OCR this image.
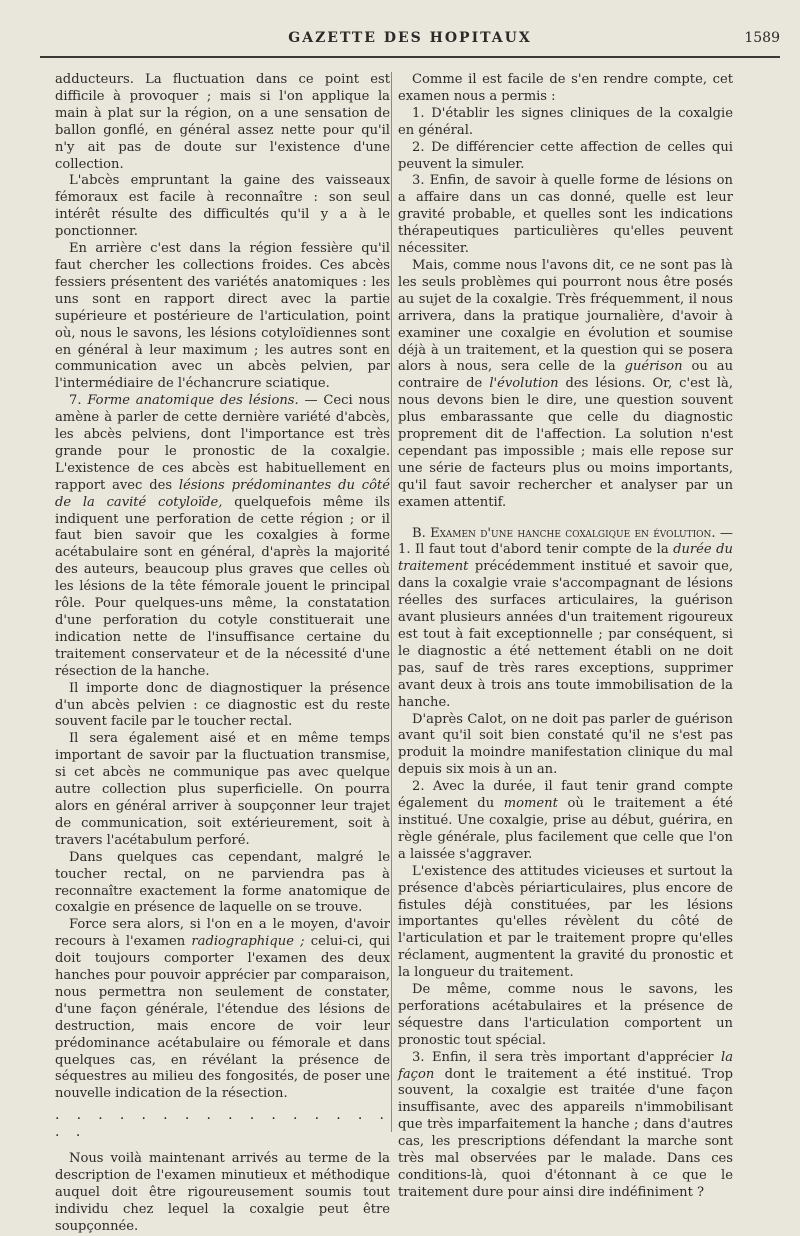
GAZETTE DES HOPITAUX	1589

adducteurs. La fluctuation dans ce point est difficile à provoquer ; mais si l'on applique la main à plat sur la région, on a une sensation de ballon gonflé, en général assez nette pour qu'il n'y ait pas de doute sur l'existence d'une collection.

L'abcès empruntant la gaine des vaisseaux fémoraux est facile à reconnaître : son seul intérêt résulte des difficultés qu'il y a à le ponctionner.

En arrière c'est dans la région fessière qu'il faut chercher les collections froides. Ces abcès fessiers présentent des variétés anatomiques : les uns sont en rapport direct avec la partie supérieure et postérieure de l'articulation, point où, nous le savons, les lésions cotyloïdiennes sont en général à leur maximum ; les autres sont en communication avec un abcès pelvien, par l'intermédiaire de l'échancrure sciatique.

7. Forme anatomique des lésions. — Ceci nous amène à parler de cette dernière variété d'abcès, les abcès pelviens, dont l'importance est très grande pour le pronostic de la coxalgie. L'existence de ces abcès est habituellement en rapport avec des lésions prédominantes du côté de la cavité cotyloïde, quelquefois même ils indiquent une perforation de cette région ; or il faut bien savoir que les coxalgies à forme acétabulaire sont en général, d'après la majorité des auteurs, beaucoup plus graves que celles où les lésions de la tête fémorale jouent le principal rôle. Pour quelques-uns même, la constatation d'une perforation du cotyle constituerait une indication nette de l'insuffisance certaine du traitement conservateur et de la nécessité d'une résection de la hanche.

Il importe donc de diagnostiquer la présence d'un abcès pelvien : ce diagnostic est du reste souvent facile par le toucher rectal.

Il sera également aisé et en même temps important de savoir par la fluctuation transmise, si cet abcès ne communique pas avec quelque autre collection plus superficielle. On pourra alors en général arriver à soupçonner leur trajet de communication, soit extérieurement, soit à travers l'acétabulum perforé.

Dans quelques cas cependant, malgré le toucher rectal, on ne parviendra pas à reconnaître exactement la forme anatomique de coxalgie en présence de laquelle on se trouve.

Force sera alors, si l'on en a le moyen, d'avoir recours à l'examen radiographique ; celui-ci, qui doit toujours comporter l'examen des deux hanches pour pouvoir apprécier par comparaison, nous permettra non seulement de constater, d'une façon générale, l'étendue des lésions de destruction, mais encore de voir leur prédominance acétabulaire ou fémorale et dans quelques cas, en révélant la présence de séquestres au milieu des fongosités, de poser une nouvelle indication de la résection.

. . . . . . . . . . . . . . . . . .

Nous voilà maintenant arrivés au terme de la description de l'examen minutieux et méthodique auquel doit être rigoureusement soumis tout individu chez lequel la coxalgie peut être soupçonnée.

Comme il est facile de s'en rendre compte, cet examen nous a permis :

1. D'établir les signes cliniques de la coxalgie en général.

2. De différencier cette affection de celles qui peuvent la simuler.

3. Enfin, de savoir à quelle forme de lésions on a affaire dans un cas donné, quelle est leur gravité probable, et quelles sont les indications thérapeutiques particulières qu'elles peuvent nécessiter.

Mais, comme nous l'avons dit, ce ne sont pas là les seuls problèmes qui pourront nous être posés au sujet de la coxalgie. Très fréquemment, il nous arrivera, dans la pratique journalière, d'avoir à examiner une coxalgie en évolution et soumise déjà à un traitement, et la question qui se posera alors à nous, sera celle de la guérison ou au contraire de l'évolution des lésions. Or, c'est là, nous devons bien le dire, une question souvent plus embarassante que celle du diagnostic proprement dit de l'affection. La solution n'est cependant pas impossible ; mais elle repose sur une série de facteurs plus ou moins importants, qu'il faut savoir rechercher et analyser par un examen attentif.

B. Examen d'une hanche coxalgique en évolution. — 1. Il faut tout d'abord tenir compte de la durée du traitement précédemment institué et savoir que, dans la coxalgie vraie s'accompagnant de lésions réelles des surfaces articulaires, la guérison avant plusieurs années d'un traitement rigoureux est tout à fait exceptionnelle ; par conséquent, si le diagnostic a été nettement établi on ne doit pas, sauf de très rares exceptions, supprimer avant deux à trois ans toute immobilisation de la hanche.

D'après Calot, on ne doit pas parler de guérison avant qu'il soit bien constaté qu'il ne s'est pas produit la moindre manifestation clinique du mal depuis six mois à un an.

2. Avec la durée, il faut tenir grand compte également du moment où le traitement a été institué. Une coxalgie, prise au début, guérira, en règle générale, plus facilement que celle que l'on a laissée s'aggraver.

L'existence des attitudes vicieuses et surtout la présence d'abcès périarticulaires, plus encore de fistules déjà constituées, par les lésions importantes qu'elles révèlent du côté de l'articulation et par le traitement propre qu'elles réclament, augmentent la gravité du pronostic et la longueur du traitement.

De même, comme nous le savons, les perforations acétabulaires et la présence de séquestre dans l'articulation comportent un pronostic tout spécial.

3. Enfin, il sera très important d'apprécier la façon dont le traitement a été institué. Trop souvent, la coxalgie est traitée d'une façon insuffisante, avec des appareils n'immobilisant que très imparfaitement la hanche ; dans d'autres cas, les prescriptions défendant la marche sont très mal observées par le malade. Dans ces conditions-là, quoi d'étonnant à ce que le traitement dure pour ainsi dire indéfiniment ?
